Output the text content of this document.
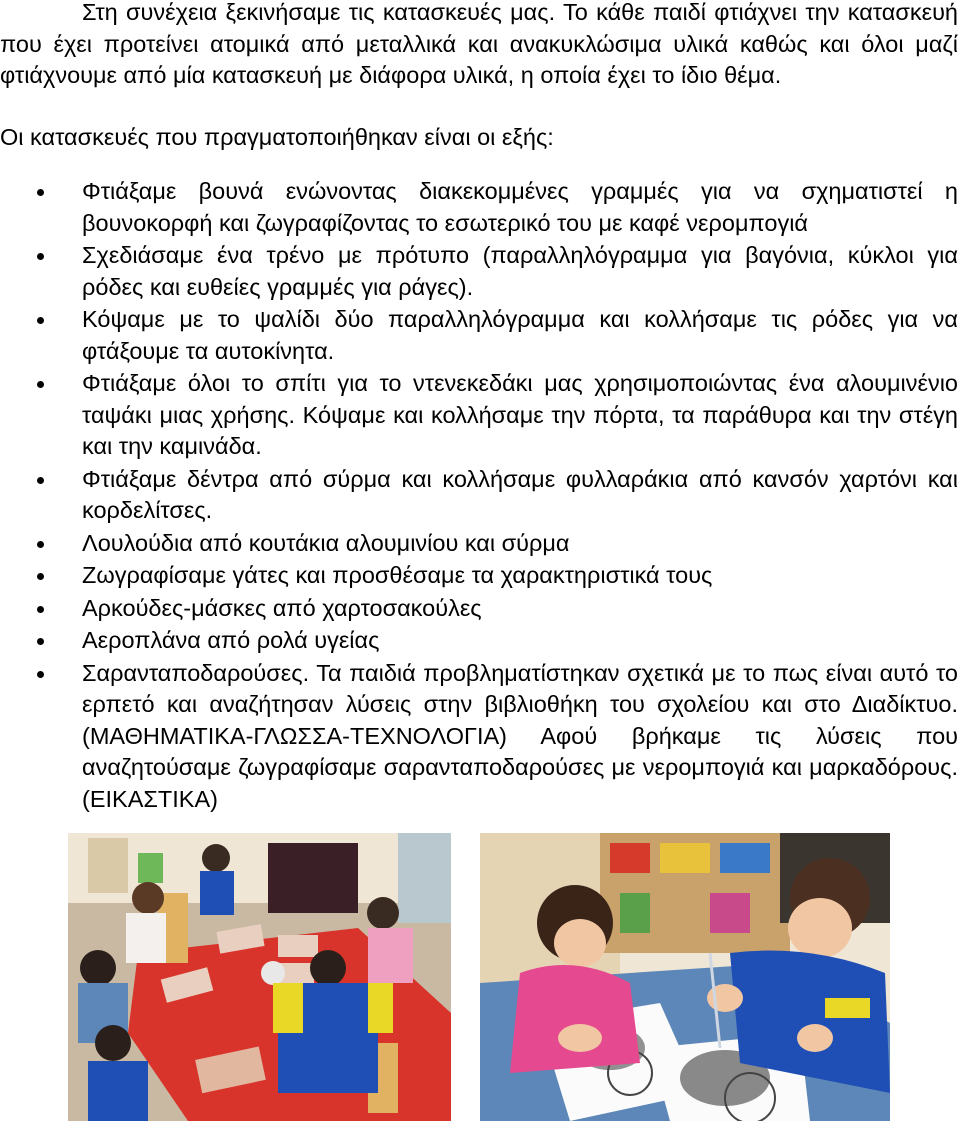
Στη συνέχεια ξεκινήσαμε τις κατασκευές μας. Το κάθε παιδί φτιάχνει την κατασκευή που έχει προτείνει ατομικά από μεταλλικά και ανακυκλώσιμα υλικά καθώς και όλοι μαζί φτιάχνουμε από μία κατασκευή με διάφορα υλικά, η οποία έχει το ίδιο θέμα.

Οι κατασκευές που πραγματοποιήθηκαν είναι οι εξής:

Φτιάξαμε βουνά ενώνοντας διακεκομμένες γραμμές για να σχηματιστεί η βουνοκορφή και ζωγραφίζοντας το εσωτερικό του με καφέ νερομπογιά
Σχεδιάσαμε ένα τρένο με πρότυπο (παραλληλόγραμμα για βαγόνια, κύκλοι για ρόδες και ευθείες γραμμές για ράγες).
Κόψαμε με το ψαλίδι δύο παραλληλόγραμμα και κολλήσαμε τις ρόδες για να φτάξουμε τα αυτοκίνητα.
Φτιάξαμε όλοι το σπίτι για το ντενεκεδάκι μας χρησιμοποιώντας ένα αλουμινένιο ταψάκι μιας χρήσης. Κόψαμε και κολλήσαμε την πόρτα, τα παράθυρα και την στέγη και την καμινάδα.
Φτιάξαμε δέντρα από σύρμα και κολλήσαμε φυλλαράκια από κανσόν χαρτόνι και κορδελίτσες.
Λουλούδια από κουτάκια αλουμινίου και σύρμα
Ζωγραφίσαμε γάτες και προσθέσαμε τα χαρακτηριστικά τους
Αρκούδες-μάσκες από χαρτοσακούλες
Αεροπλάνα από ρολά υγείας
Σαρανταποδαρούσες. Τα παιδιά προβληματίστηκαν σχετικά με το πως είναι αυτό το ερπετό και αναζήτησαν λύσεις στην βιβλιοθήκη του σχολείου και στο Διαδίκτυο. (ΜΑΘΗΜΑΤΙΚΑ-ΓΛΩΣΣΑ-ΤΕΧΝΟΛΟΓΙΑ) Αφού βρήκαμε τις λύσεις που αναζητούσαμε ζωγραφίσαμε σαρανταποδαρούσες με νερομπογιά και μαρκαδόρους. (ΕΙΚΑΣΤΙΚΑ)
